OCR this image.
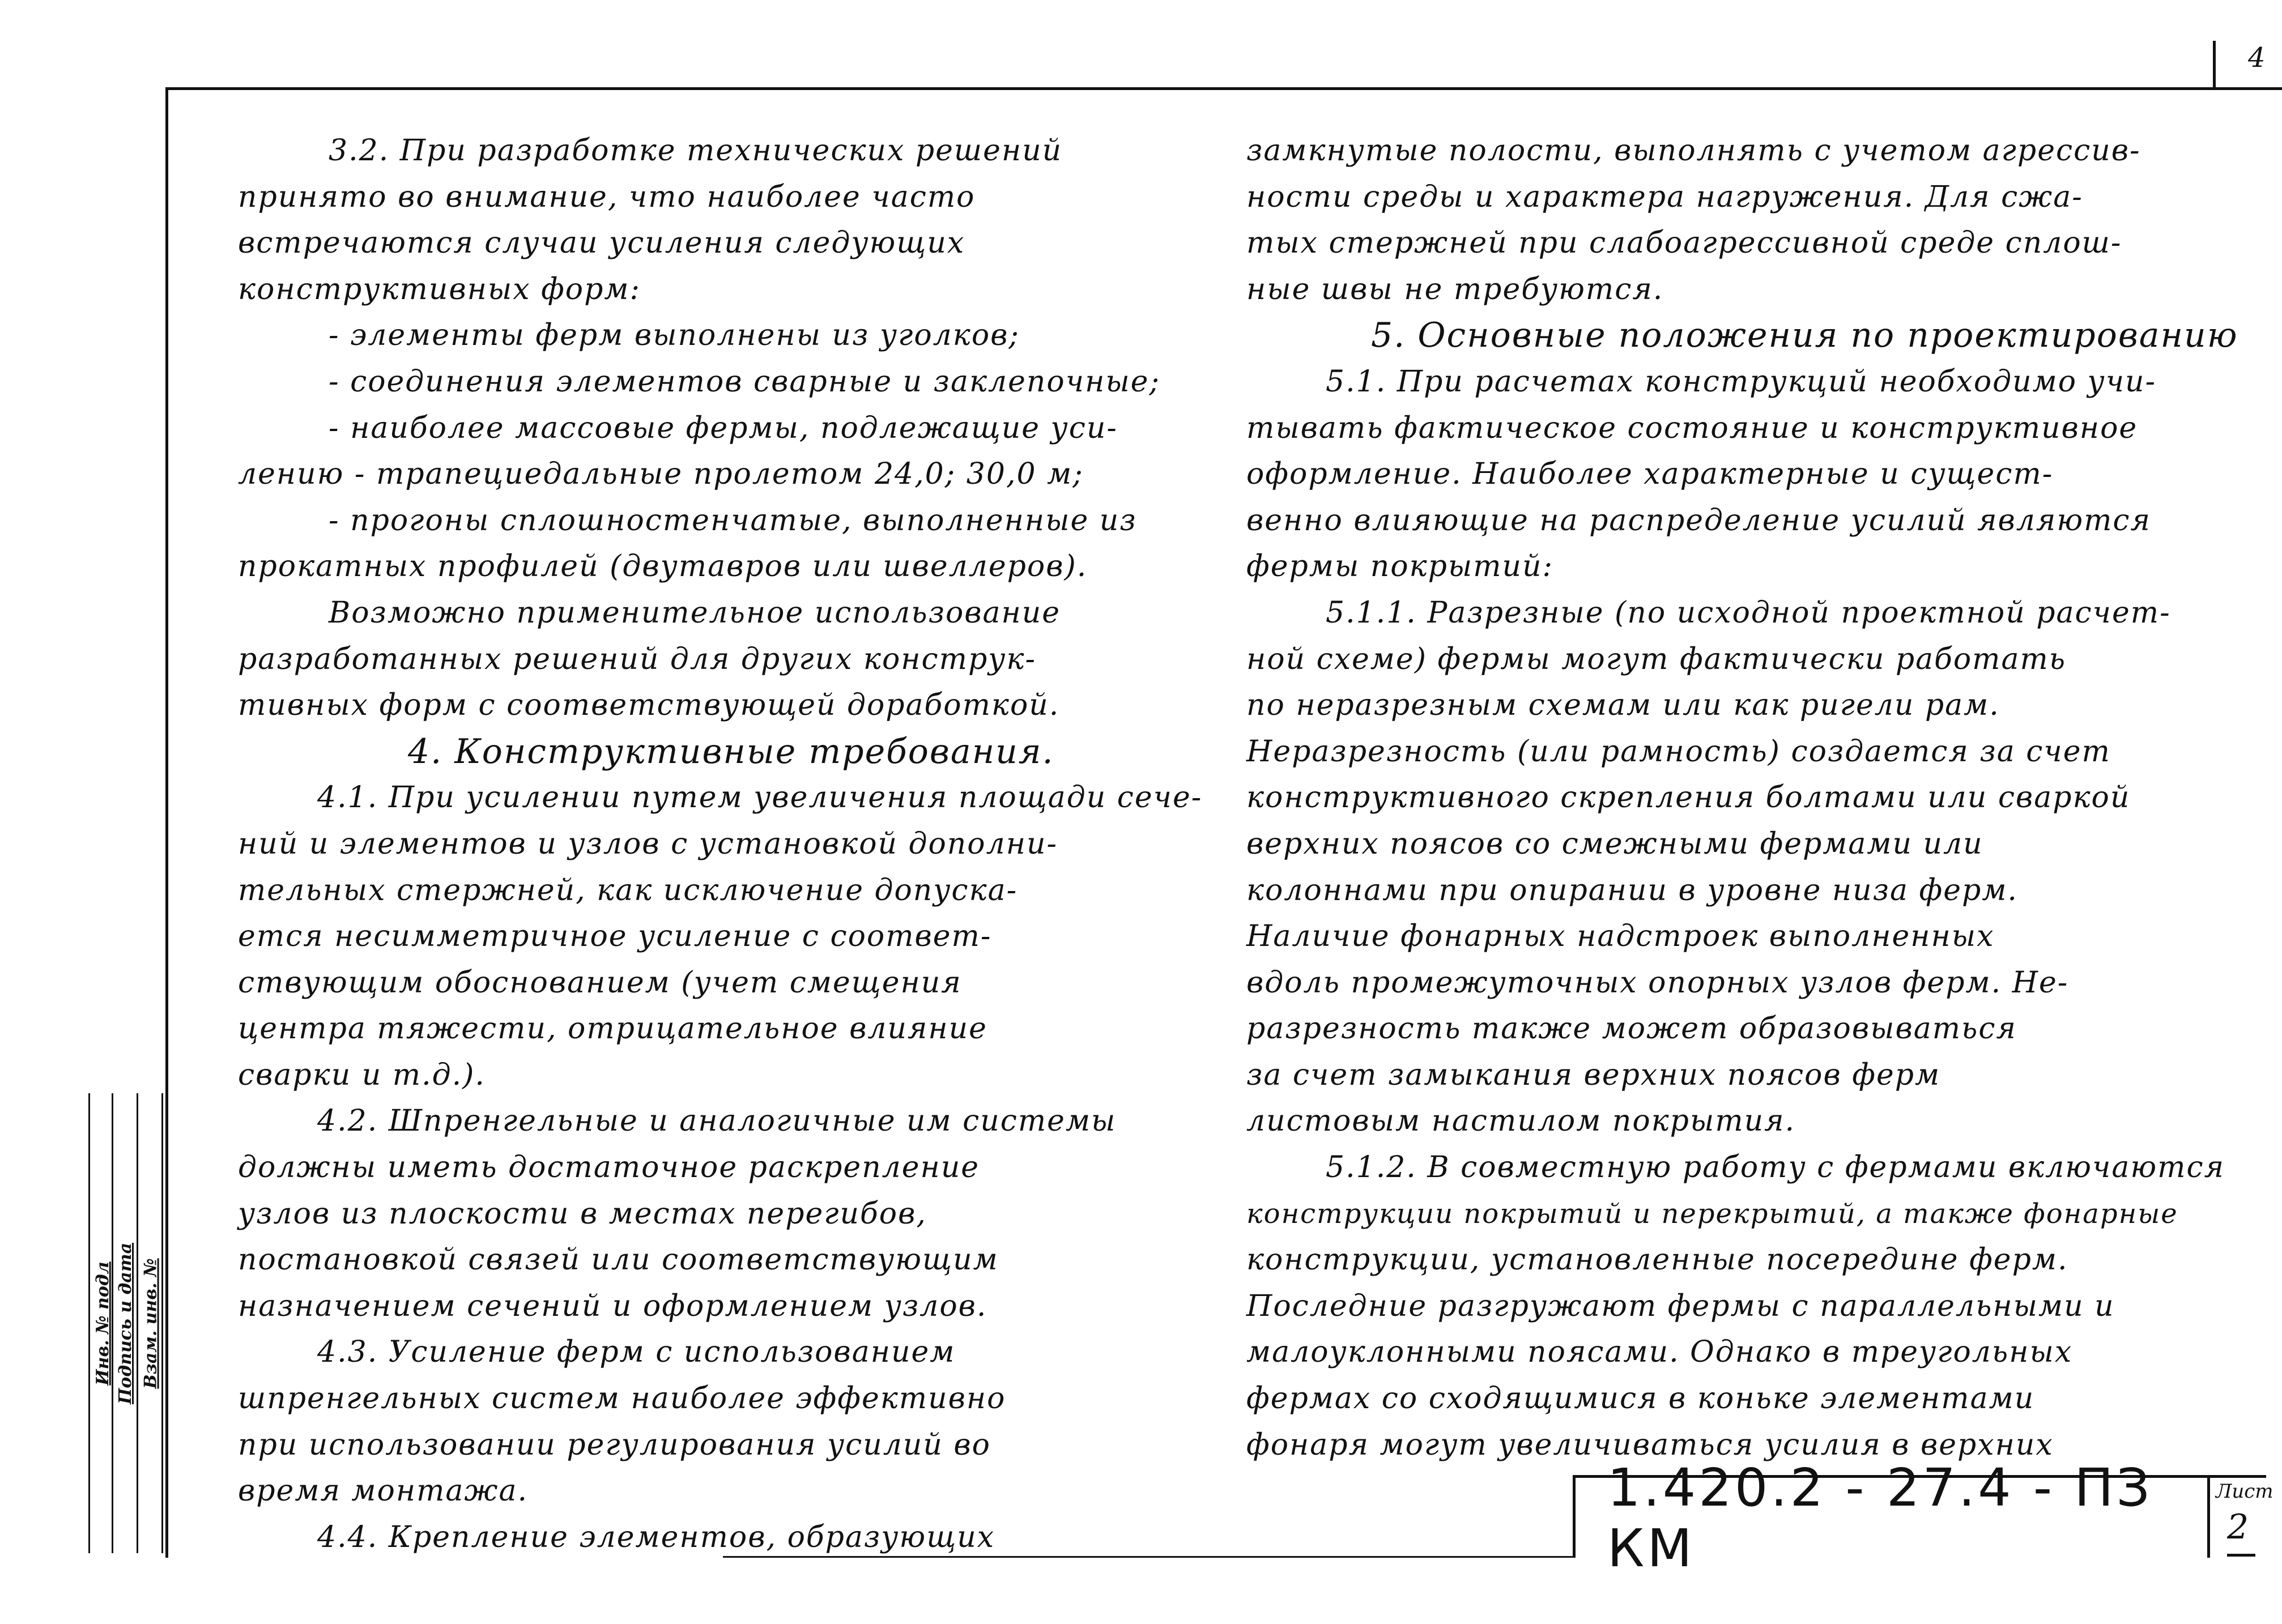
4
Инв. № подл Подпись и дата Взам. инв. №
3.2. При разработке технических решений
принято во внимание, что наиболее часто
встречаются случаи усиления следующих
конструктивных форм:
- элементы ферм выполнены из уголков;
- соединения элементов сварные и заклепочные;
- наиболее массовые фермы, подлежащие уси-
лению - трапециедальные пролетом 24,0; 30,0 м;
- прогоны сплошностенчатые, выполненные из
прокатных профилей (двутавров или швеллеров).
Возможно применительное использование
разработанных решений для других конструк-
тивных форм с соответствующей доработкой.
4. Конструктивные требования.
4.1. При усилении путем увеличения площади сече-
ний и элементов и узлов с установкой дополни-
тельных стержней, как исключение допуска-
ется несимметричное усиление с соответ-
ствующим обоснованием (учет смещения
центра тяжести, отрицательное влияние
сварки и т.д.).
4.2. Шпренгельные и аналогичные им системы
должны иметь достаточное раскрепление
узлов из плоскости в местах перегибов,
постановкой связей или соответствующим
назначением сечений и оформлением узлов.
4.3. Усиление ферм с использованием
шпренгельных систем наиболее эффективно
при использовании регулирования усилий во
время монтажа.
4.4. Крепление элементов, образующих
замкнутые полости, выполнять с учетом агрессив-
ности среды и характера нагружения. Для сжа-
тых стержней при слабоагрессивной среде сплош-
ные швы не требуются.
5. Основные положения по проектированию
5.1. При расчетах конструкций необходимо учи-
тывать фактическое состояние и конструктивное
оформление. Наиболее характерные и сущест-
венно влияющие на распределение усилий являются
фермы покрытий:
5.1.1. Разрезные (по исходной проектной расчет-
ной схеме) фермы могут фактически работать
по неразрезным схемам или как ригели рам.
Неразрезность (или рамность) создается за счет
конструктивного скрепления болтами или сваркой
верхних поясов со смежными фермами или
колоннами при опирании в уровне низа ферм.
Наличие фонарных надстроек выполненных
вдоль промежуточных опорных узлов ферм. Не-
разрезность также может образовываться
за счет замыкания верхних поясов ферм
листовым настилом покрытия.
5.1.2. В совместную работу с фермами включаются
конструкции покрытий и перекрытий, а также фонарные
конструкции, установленные посередине ферм.
Последние разгружают фермы с параллельными и
малоуклонными поясами. Однако в треугольных
фермах со сходящимися в коньке элементами
фонаря могут увеличиваться усилия в верхних
1.420.2 - 27.4 - ПЗ КМ
Лист
2
